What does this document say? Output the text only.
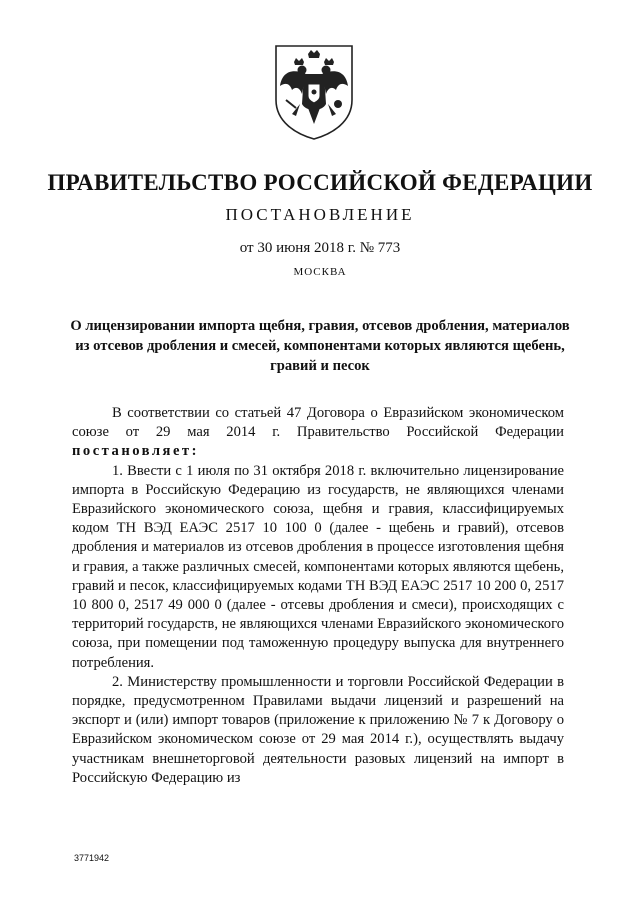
ПРАВИТЕЛЬСТВО РОССИЙСКОЙ ФЕДЕРАЦИИ
ПОСТАНОВЛЕНИЕ
от 30 июня 2018 г. № 773
МОСКВА
О лицензировании импорта щебня, гравия, отсевов дробления, материалов из отсевов дробления и смесей, компонентами которых являются щебень, гравий и песок

В соответствии со статьей 47 Договора о Евразийском экономическом союзе от 29 мая 2014 г. Правительство Российской Федерации постановляет:

1. Ввести с 1 июля по 31 октября 2018 г. включительно лицензирование импорта в Российскую Федерацию из государств, не являющихся членами Евразийского экономического союза, щебня и гравия, классифицируемых кодом ТН ВЭД ЕАЭС 2517 10 100 0 (далее - щебень и гравий), отсевов дробления и материалов из отсевов дробления в процессе изготовления щебня и гравия, а также различных смесей, компонентами которых являются щебень, гравий и песок, классифицируемых кодами ТН ВЭД ЕАЭС 2517 10 200 0, 2517 10 800 0, 2517 49 000 0 (далее - отсевы дробления и смеси), происходящих с территорий государств, не являющихся членами Евразийского экономического союза, при помещении под таможенную процедуру выпуска для внутреннего потребления.

2. Министерству промышленности и торговли Российской Федерации в порядке, предусмотренном Правилами выдачи лицензий и разрешений на экспорт и (или) импорт товаров (приложение к приложению № 7 к Договору о Евразийском экономическом союзе от 29 мая 2014 г.), осуществлять выдачу участникам внешнеторговой деятельности разовых лицензий на импорт в Российскую Федерацию из

3771942
